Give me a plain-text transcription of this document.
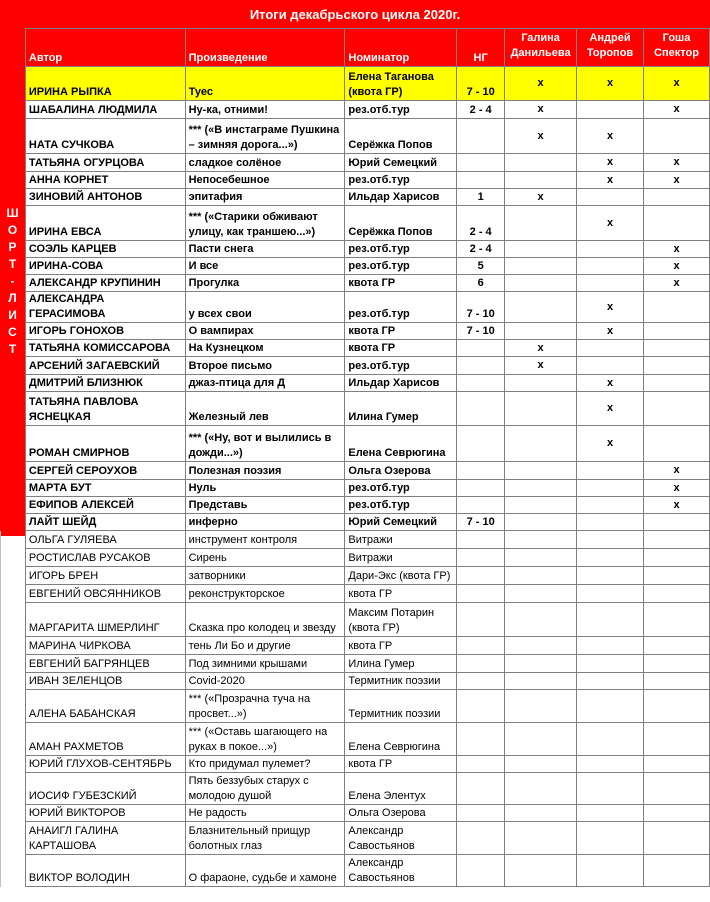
Итоги декабрьского цикла 2020г.
ШОРТ-ЛИСТ
	Автор	Произведение	Номинатор	НГ	Галина Данильева	Андрей Торопов	Гоша Спектор
	ИРИНА РЫПКА	Туес	Елена Таганова (квота ГР)	7 - 10	x	x	x
	ШАБАЛИНА ЛЮДМИЛА	Ну-ка, отними!	рез.отб.тур	2 - 4	x		x
	НАТА СУЧКОВА	*** («В инстаграме Пушкина – зимняя дорога...»)	Серёжка Попов		x	x	
	ТАТЬЯНА ОГУРЦОВА	сладкое солёное	Юрий Семецкий			x	x
	АННА КОРНЕТ	Непосебешное	рез.отб.тур			x	x
	ЗИНОВИЙ АНТОНОВ	эпитафия	Ильдар Харисов	1	x		
	ИРИНА ЕВСА	*** («Старики обживают улицу, как траншею...»)	Серёжка Попов	2 - 4		x	
	СОЭЛЬ КАРЦЕВ	Пасти снега	рез.отб.тур	2 - 4			x
	ИРИНА-СОВА	И все	рез.отб.тур	5			x
	АЛЕКСАНДР КРУПИНИН	Прогулка	квота ГР	6			x
	АЛЕКСАНДРА ГЕРАСИМОВА	у всех свои	рез.отб.тур	7 - 10		x	
	ИГОРЬ ГОНОХОВ	О вампирах	квота ГР	7 - 10		x	
	ТАТЬЯНА КОМИССАРОВА	На Кузнецком	квота ГР		x		
	АРСЕНИЙ ЗАГАЕВСКИЙ	Второе письмо	рез.отб.тур		x		
	ДМИТРИЙ БЛИЗНЮК	джаз-птица для Д	Ильдар Харисов			x	
	ТАТЬЯНА ПАВЛОВА ЯСНЕЦКАЯ	Железный лев	Илина Гумер			x	
	РОМАН СМИРНОВ	*** («Ну, вот и вылились в дожди...»)	Елена Севрюгина			x	
	СЕРГЕЙ СЕРОУХОВ	Полезная поэзия	Ольга Озерова				x
	МАРТА БУТ	Нуль	рез.отб.тур				x
	ЕФИПОВ АЛЕКСЕЙ	Представь	рез.отб.тур				x
	ЛАЙТ ШЕЙД	инферно	Юрий Семецкий	7 - 10			
	ОЛЬГА ГУЛЯЕВА	инструмент контроля	Витражи				
	РОСТИСЛАВ РУСАКОВ	Сирень	Витражи				
	ИГОРЬ БРЕН	затворники	Дари-Экс (квота ГР)				
	ЕВГЕНИЙ ОВСЯННИКОВ	реконструкторское	квота ГР				
	МАРГАРИТА ШМЕРЛИНГ	Сказка про колодец и звезду	Максим Потарин (квота ГР)				
	МАРИНА ЧИРКОВА	тень Ли Бо и другие	квота ГР				
	ЕВГЕНИЙ БАГРЯНЦЕВ	Под зимними крышами	Илина Гумер				
	ИВАН ЗЕЛЕНЦОВ	Covid-2020	Термитник поэзии				
	АЛЕНА БАБАНСКАЯ	*** («Прозрачна туча на просвет...»)	Термитник поэзии				
	АМАН РАХМЕТОВ	*** («Оставь шагающего на руках в покое...»)	Елена Севрюгина				
	ЮРИЙ ГЛУХОВ-СЕНТЯБРЬ	Кто придумал пулемет?	квота ГР				
	ИОСИФ ГУБЕЗСКИЙ	Пять беззубых старух с молодою душой	Елена Элентух				
	ЮРИЙ ВИКТОРОВ	Не радость	Ольга Озерова				
	АНАИГЛ ГАЛИНА КАРТАШОВА	Блазнительный прищур болотных глаз	Александр Савостьянов				
	ВИКТОР ВОЛОДИН	О фараоне, судьбе и хамоне	Александр Савостьянов				
